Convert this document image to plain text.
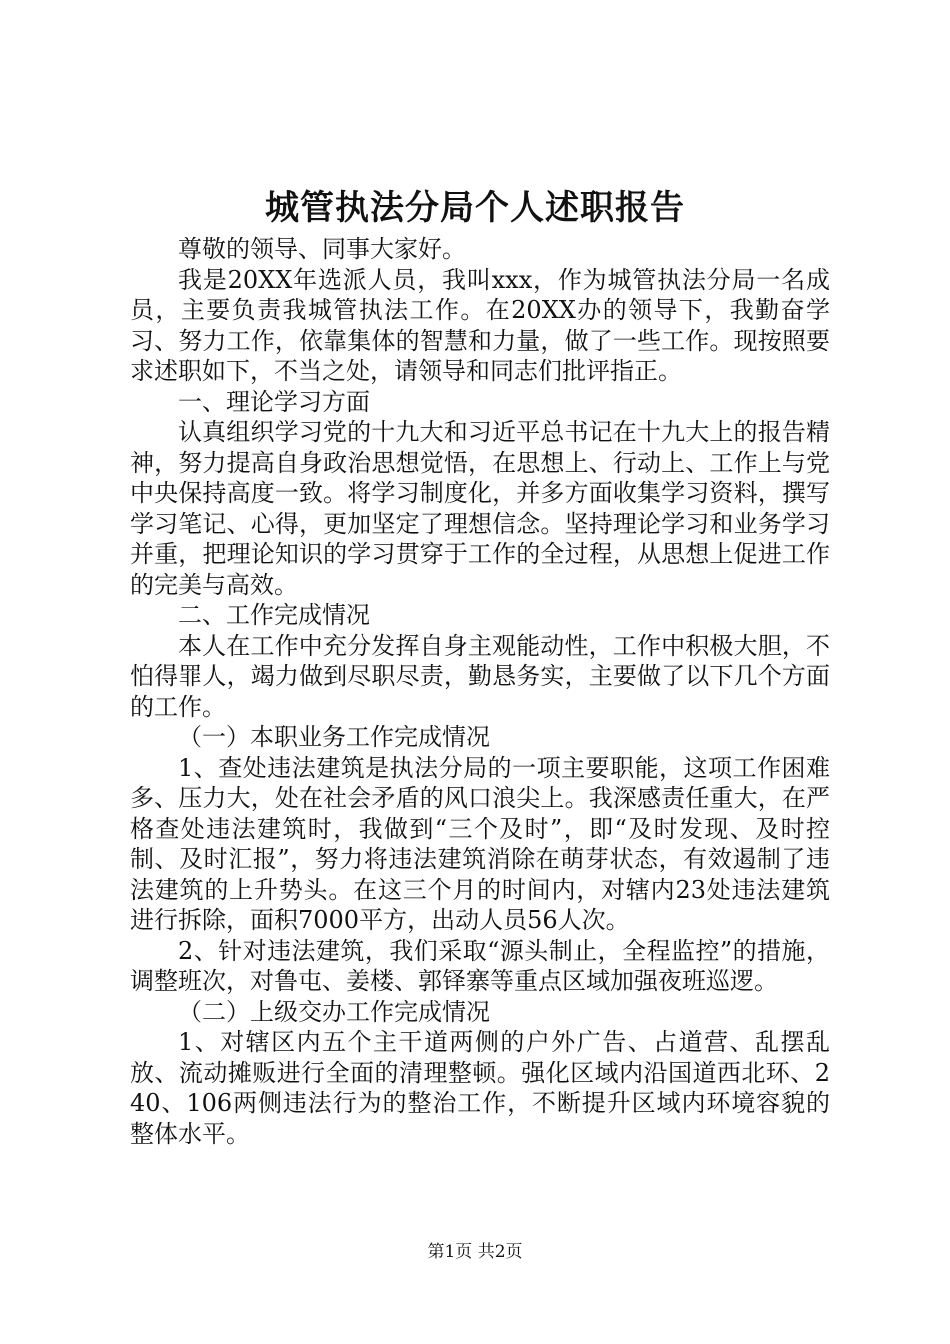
城管执法分局个人述职报告

尊敬的领导、同事大家好。

我是20XX年选派人员，我叫xxx，作为城管执法分局一名成员，主要负责我城管执法工作。在20XX办的领导下，我勤奋学习、努力工作，依靠集体的智慧和力量，做了一些工作。现按照要求述职如下，不当之处，请领导和同志们批评指正。

一、理论学习方面

认真组织学习党的十九大和习近平总书记在十九大上的报告精神，努力提高自身政治思想觉悟，在思想上、行动上、工作上与党中央保持高度一致。将学习制度化，并多方面收集学习资料，撰写学习笔记、心得，更加坚定了理想信念。坚持理论学习和业务学习并重，把理论知识的学习贯穿于工作的全过程，从思想上促进工作的完美与高效。

二、工作完成情况

本人在工作中充分发挥自身主观能动性，工作中积极大胆，不怕得罪人，竭力做到尽职尽责，勤恳务实，主要做了以下几个方面的工作。

（一）本职业务工作完成情况

1、查处违法建筑是执法分局的一项主要职能，这项工作困难多、压力大，处在社会矛盾的风口浪尖上。我深感责任重大，在严格查处违法建筑时，我做到“三个及时”，即“及时发现、及时控制、及时汇报”，努力将违法建筑消除在萌芽状态，有效遏制了违法建筑的上升势头。在这三个月的时间内，对辖内23处违法建筑进行拆除，面积7000平方，出动人员56人次。

2、针对违法建筑，我们采取“源头制止，全程监控”的措施，调整班次，对鲁屯、姜楼、郭铎寨等重点区域加强夜班巡逻。

（二）上级交办工作完成情况

1、对辖区内五个主干道两侧的户外广告、占道营、乱摆乱放、流动摊贩进行全面的清理整顿。强化区域内沿国道西北环、240、106两侧违法行为的整治工作，不断提升区域内环境容貌的整体水平。

第1页 共2页
